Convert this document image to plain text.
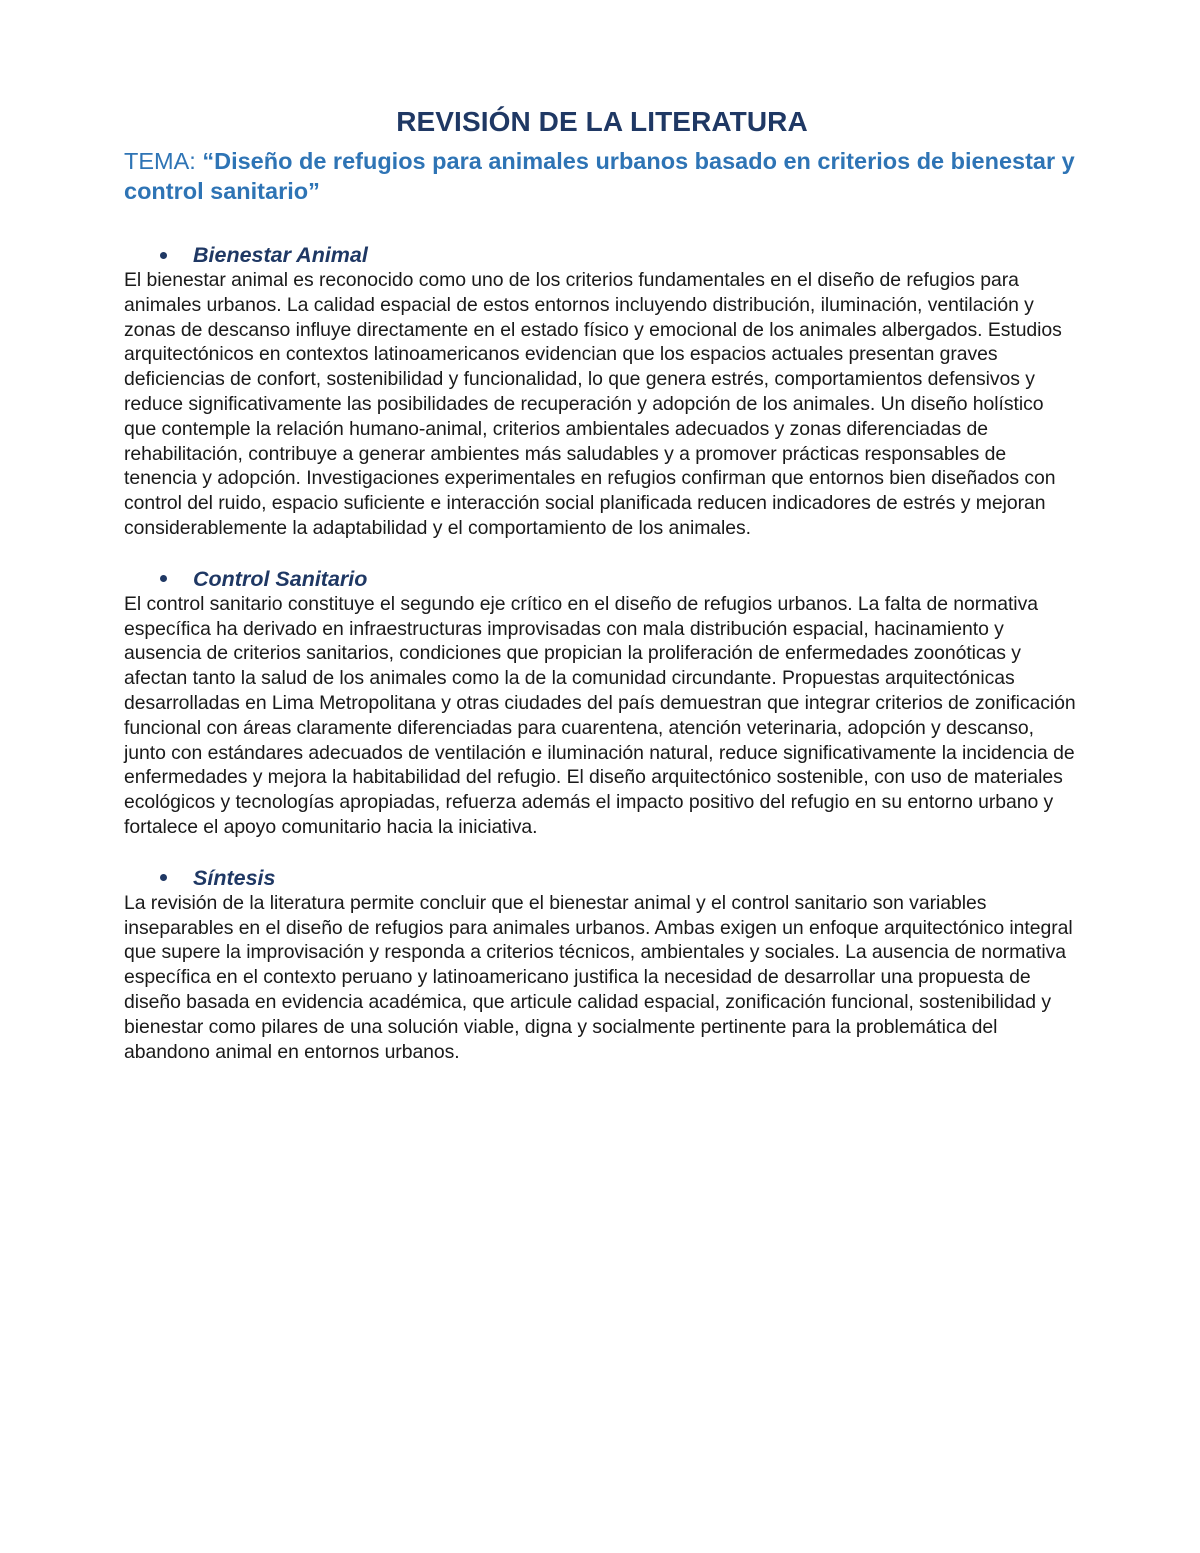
REVISIÓN DE LA LITERATURA

TEMA: “Diseño de refugios para animales urbanos basado en criterios de bienestar y control sanitario”

Bienestar Animal

El bienestar animal es reconocido como uno de los criterios fundamentales en el diseño de refugios para animales urbanos. La calidad espacial de estos entornos incluyendo distribución, iluminación, ventilación y zonas de descanso influye directamente en el estado físico y emocional de los animales albergados. Estudios arquitectónicos en contextos latinoamericanos evidencian que los espacios actuales presentan graves deficiencias de confort, sostenibilidad y funcionalidad, lo que genera estrés, comportamientos defensivos y reduce significativamente las posibilidades de recuperación y adopción de los animales. Un diseño holístico que contemple la relación humano-animal, criterios ambientales adecuados y zonas diferenciadas de rehabilitación, contribuye a generar ambientes más saludables y a promover prácticas responsables de tenencia y adopción. Investigaciones experimentales en refugios confirman que entornos bien diseñados con control del ruido, espacio suficiente e interacción social planificada reducen indicadores de estrés y mejoran considerablemente la adaptabilidad y el comportamiento de los animales.

Control Sanitario

El control sanitario constituye el segundo eje crítico en el diseño de refugios urbanos. La falta de normativa específica ha derivado en infraestructuras improvisadas con mala distribución espacial, hacinamiento y ausencia de criterios sanitarios, condiciones que propician la proliferación de enfermedades zoonóticas y afectan tanto la salud de los animales como la de la comunidad circundante. Propuestas arquitectónicas desarrolladas en Lima Metropolitana y otras ciudades del país demuestran que integrar criterios de zonificación funcional con áreas claramente diferenciadas para cuarentena, atención veterinaria, adopción y descanso, junto con estándares adecuados de ventilación e iluminación natural, reduce significativamente la incidencia de enfermedades y mejora la habitabilidad del refugio. El diseño arquitectónico sostenible, con uso de materiales ecológicos y tecnologías apropiadas, refuerza además el impacto positivo del refugio en su entorno urbano y fortalece el apoyo comunitario hacia la iniciativa.

Síntesis

La revisión de la literatura permite concluir que el bienestar animal y el control sanitario son variables inseparables en el diseño de refugios para animales urbanos. Ambas exigen un enfoque arquitectónico integral que supere la improvisación y responda a criterios técnicos, ambientales y sociales. La ausencia de normativa específica en el contexto peruano y latinoamericano justifica la necesidad de desarrollar una propuesta de diseño basada en evidencia académica, que articule calidad espacial, zonificación funcional, sostenibilidad y bienestar como pilares de una solución viable, digna y socialmente pertinente para la problemática del abandono animal en entornos urbanos.
